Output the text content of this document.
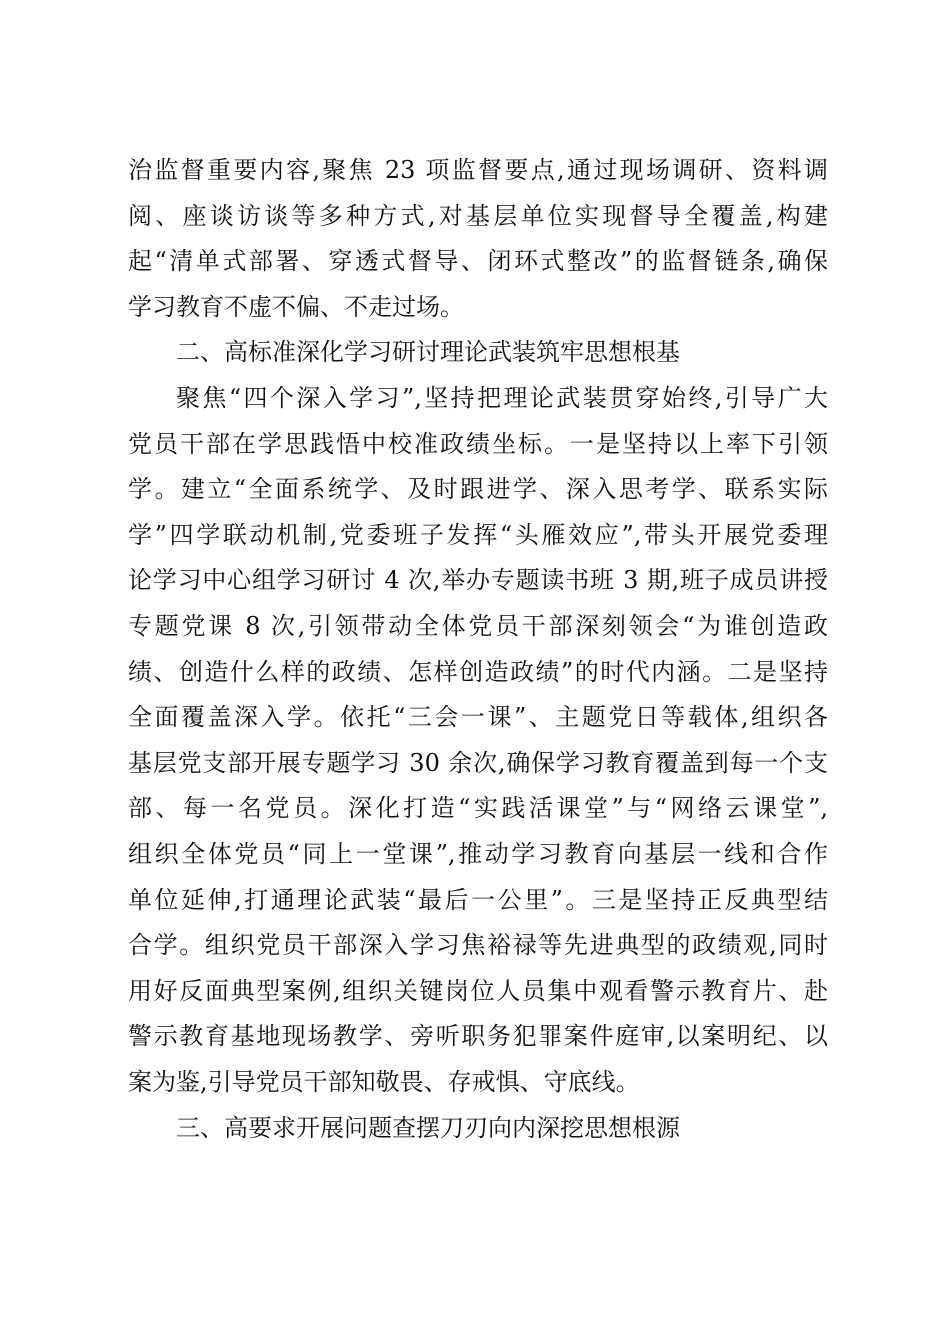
治监督重要内容,聚焦 23 项监督要点,通过现场调研、资料调
阅、座谈访谈等多种方式,对基层单位实现督导全覆盖,构建
起“清单式部署、穿透式督导、闭环式整改”的监督链条,确保
学习教育不虚不偏、不走过场。
二、高标准深化学习研讨理论武装筑牢思想根基
聚焦“四个深入学习”,坚持把理论武装贯穿始终,引导广大
党员干部在学思践悟中校准政绩坐标。一是坚持以上率下引领
学。建立“全面系统学、及时跟进学、深入思考学、联系实际
学”四学联动机制,党委班子发挥“头雁效应”,带头开展党委理
论学习中心组学习研讨 4 次,举办专题读书班 3 期,班子成员讲授
专题党课 8 次,引领带动全体党员干部深刻领会“为谁创造政
绩、创造什么样的政绩、怎样创造政绩”的时代内涵。二是坚持
全面覆盖深入学。依托“三会一课”、主题党日等载体,组织各
基层党支部开展专题学习 30 余次,确保学习教育覆盖到每一个支
部、每一名党员。深化打造“实践活课堂”与“网络云课堂”,
组织全体党员“同上一堂课”,推动学习教育向基层一线和合作
单位延伸,打通理论武装“最后一公里”。三是坚持正反典型结
合学。组织党员干部深入学习焦裕禄等先进典型的政绩观,同时
用好反面典型案例,组织关键岗位人员集中观看警示教育片、赴
警示教育基地现场教学、旁听职务犯罪案件庭审,以案明纪、以
案为鉴,引导党员干部知敬畏、存戒惧、守底线。
三、高要求开展问题查摆刀刃向内深挖思想根源
